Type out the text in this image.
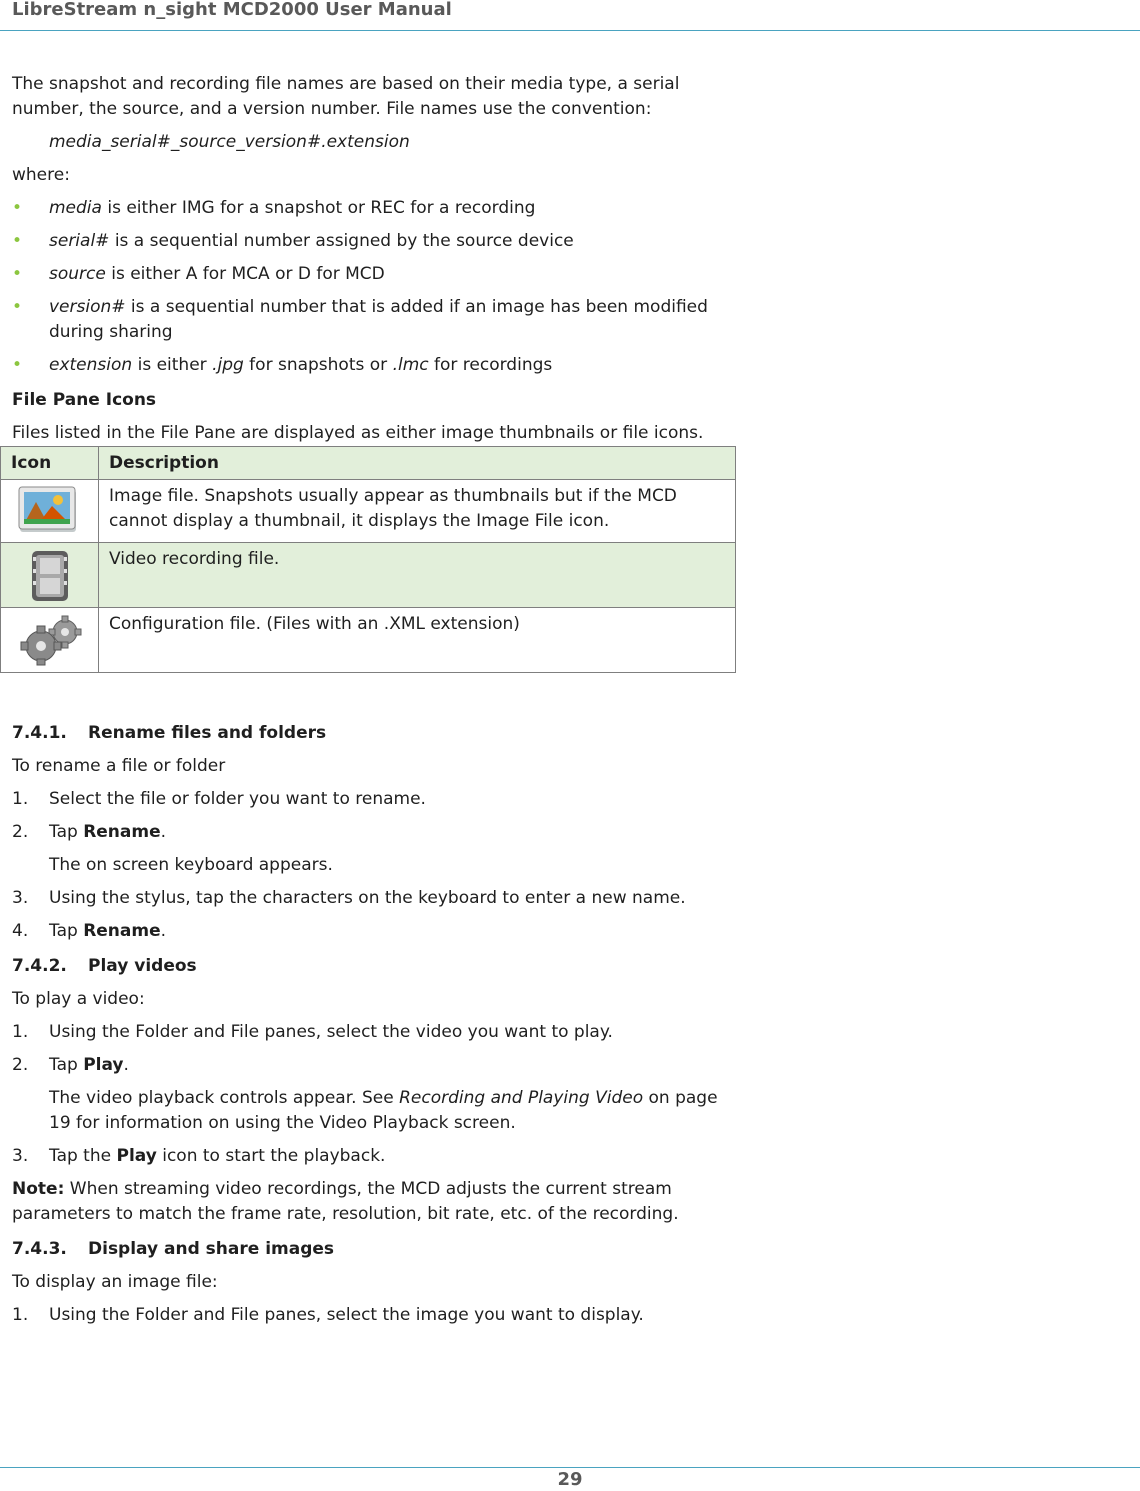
LibreStream n_sight MCD2000 User Manual

The snapshot and recording file names are based on their media type, a serial number, the source, and a version number. File names use the convention:

media_serial#_source_version#.extension

where:

• media is either IMG for a snapshot or REC for a recording

• serial# is a sequential number assigned by the source device

• source is either A for MCA or D for MCD

• version# is a sequential number that is added if an image has been modified during sharing

• extension is either .jpg for snapshots or .lmc for recordings

File Pane Icons

Files listed in the File Pane are displayed as either image thumbnails or file icons.

Icon	Description

	Image file. Snapshots usually appear as thumbnails but if the MCD cannot display a thumbnail, it displays the Image File icon.

	Video recording file.

	Configuration file. (Files with an .XML extension)

7.4.1. Rename files and folders

To rename a file or folder

1. Select the file or folder you want to rename.

2. Tap Rename.

The on screen keyboard appears.

3. Using the stylus, tap the characters on the keyboard to enter a new name.

4. Tap Rename.

7.4.2. Play videos

To play a video:

1. Using the Folder and File panes, select the video you want to play.

2. Tap Play.

The video playback controls appear. See Recording and Playing Video on page 19 for information on using the Video Playback screen.

3. Tap the Play icon to start the playback.

Note: When streaming video recordings, the MCD adjusts the current stream parameters to match the frame rate, resolution, bit rate, etc. of the recording.

7.4.3. Display and share images

To display an image file:

1. Using the Folder and File panes, select the image you want to display.

29
